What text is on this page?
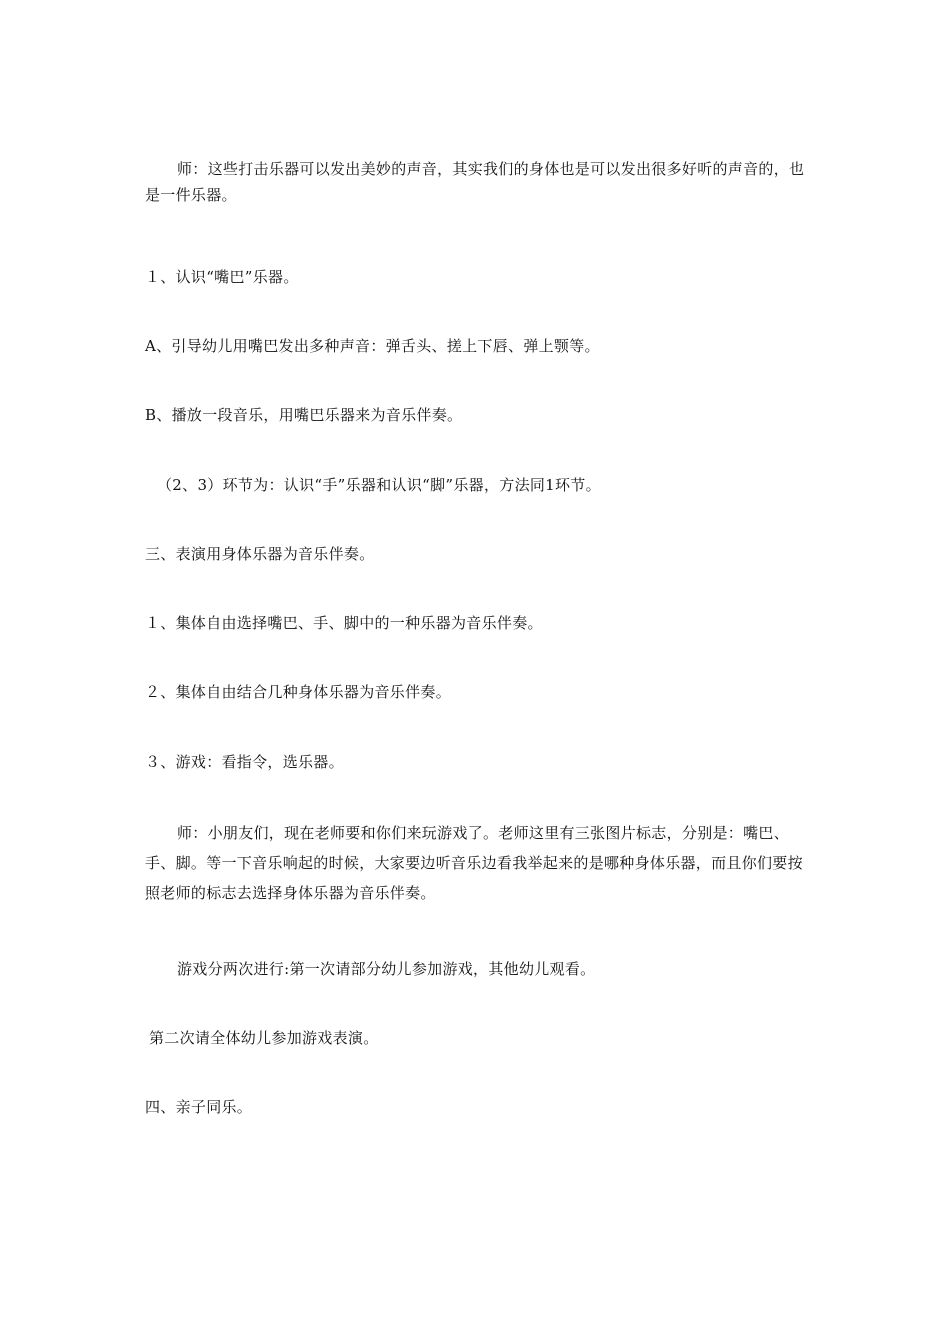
师：这些打击乐器可以发出美妙的声音，其实我们的身体也是可以发出很多好听的声音的，也是一件乐器。

１、认识“嘴巴”乐器。

A、引导幼儿用嘴巴发出多种声音：弹舌头、搓上下唇、弹上颚等。

B、播放一段音乐，用嘴巴乐器来为音乐伴奏。

（2、3）环节为：认识“手”乐器和认识“脚”乐器，方法同1环节。

三、表演用身体乐器为音乐伴奏。

１、集体自由选择嘴巴、手、脚中的一种乐器为音乐伴奏。

２、集体自由结合几种身体乐器为音乐伴奏。

３、游戏：看指令，选乐器。

师：小朋友们，现在老师要和你们来玩游戏了。老师这里有三张图片标志，分别是：嘴巴、手、脚。等一下音乐响起的时候，大家要边听音乐边看我举起来的是哪种身体乐器，而且你们要按照老师的标志去选择身体乐器为音乐伴奏。

游戏分两次进行:第一次请部分幼儿参加游戏，其他幼儿观看。

第二次请全体幼儿参加游戏表演。

四、亲子同乐。
